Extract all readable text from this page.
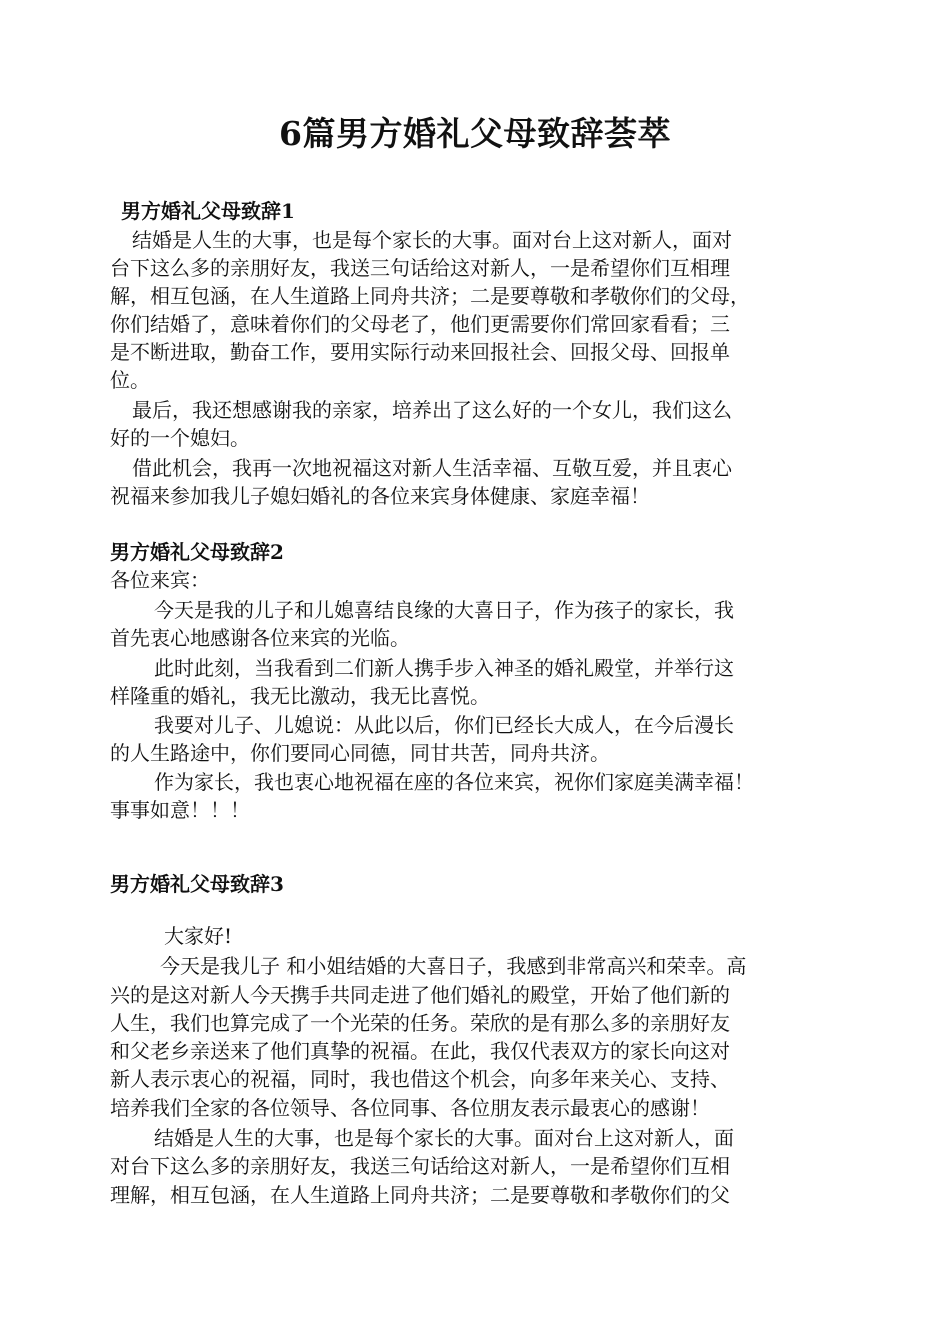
6篇男方婚礼父母致辞荟萃
男方婚礼父母致辞1
结婚是人生的大事，也是每个家长的大事。面对台上这对新人，面对
台下这么多的亲朋好友，我送三句话给这对新人，一是希望你们互相理
解，相互包涵，在人生道路上同舟共济；二是要尊敬和孝敬你们的父母，
你们结婚了，意味着你们的父母老了，他们更需要你们常回家看看；三
是不断进取，勤奋工作，要用实际行动来回报社会、回报父母、回报单
位。
最后，我还想感谢我的亲家，培养出了这么好的一个女儿，我们这么
好的一个媳妇。
借此机会，我再一次地祝福这对新人生活幸福、互敬互爱，并且衷心
祝福来参加我儿子媳妇婚礼的各位来宾身体健康、家庭幸福！
男方婚礼父母致辞2
各位来宾：
今天是我的儿子和儿媳喜结良缘的大喜日子，作为孩子的家长，我
首先衷心地感谢各位来宾的光临。
此时此刻，当我看到二们新人携手步入神圣的婚礼殿堂，并举行这
样隆重的婚礼，我无比激动，我无比喜悦。
我要对儿子、儿媳说：从此以后，你们已经长大成人，在今后漫长
的人生路途中，你们要同心同德，同甘共苦，同舟共济。
作为家长，我也衷心地祝福在座的各位来宾，祝你们家庭美满幸福！
事事如意！！！
男方婚礼父母致辞3
大家好!
今天是我儿子 和小姐结婚的大喜日子，我感到非常高兴和荣幸。高
兴的是这对新人今天携手共同走进了他们婚礼的殿堂，开始了他们新的
人生，我们也算完成了一个光荣的任务。荣欣的是有那么多的亲朋好友
和父老乡亲送来了他们真挚的祝福。在此，我仅代表双方的家长向这对
新人表示衷心的祝福，同时，我也借这个机会，向多年来关心、支持、
培养我们全家的各位领导、各位同事、各位朋友表示最衷心的感谢！
结婚是人生的大事，也是每个家长的大事。面对台上这对新人，面
对台下这么多的亲朋好友，我送三句话给这对新人，一是希望你们互相
理解，相互包涵，在人生道路上同舟共济；二是要尊敬和孝敬你们的父
